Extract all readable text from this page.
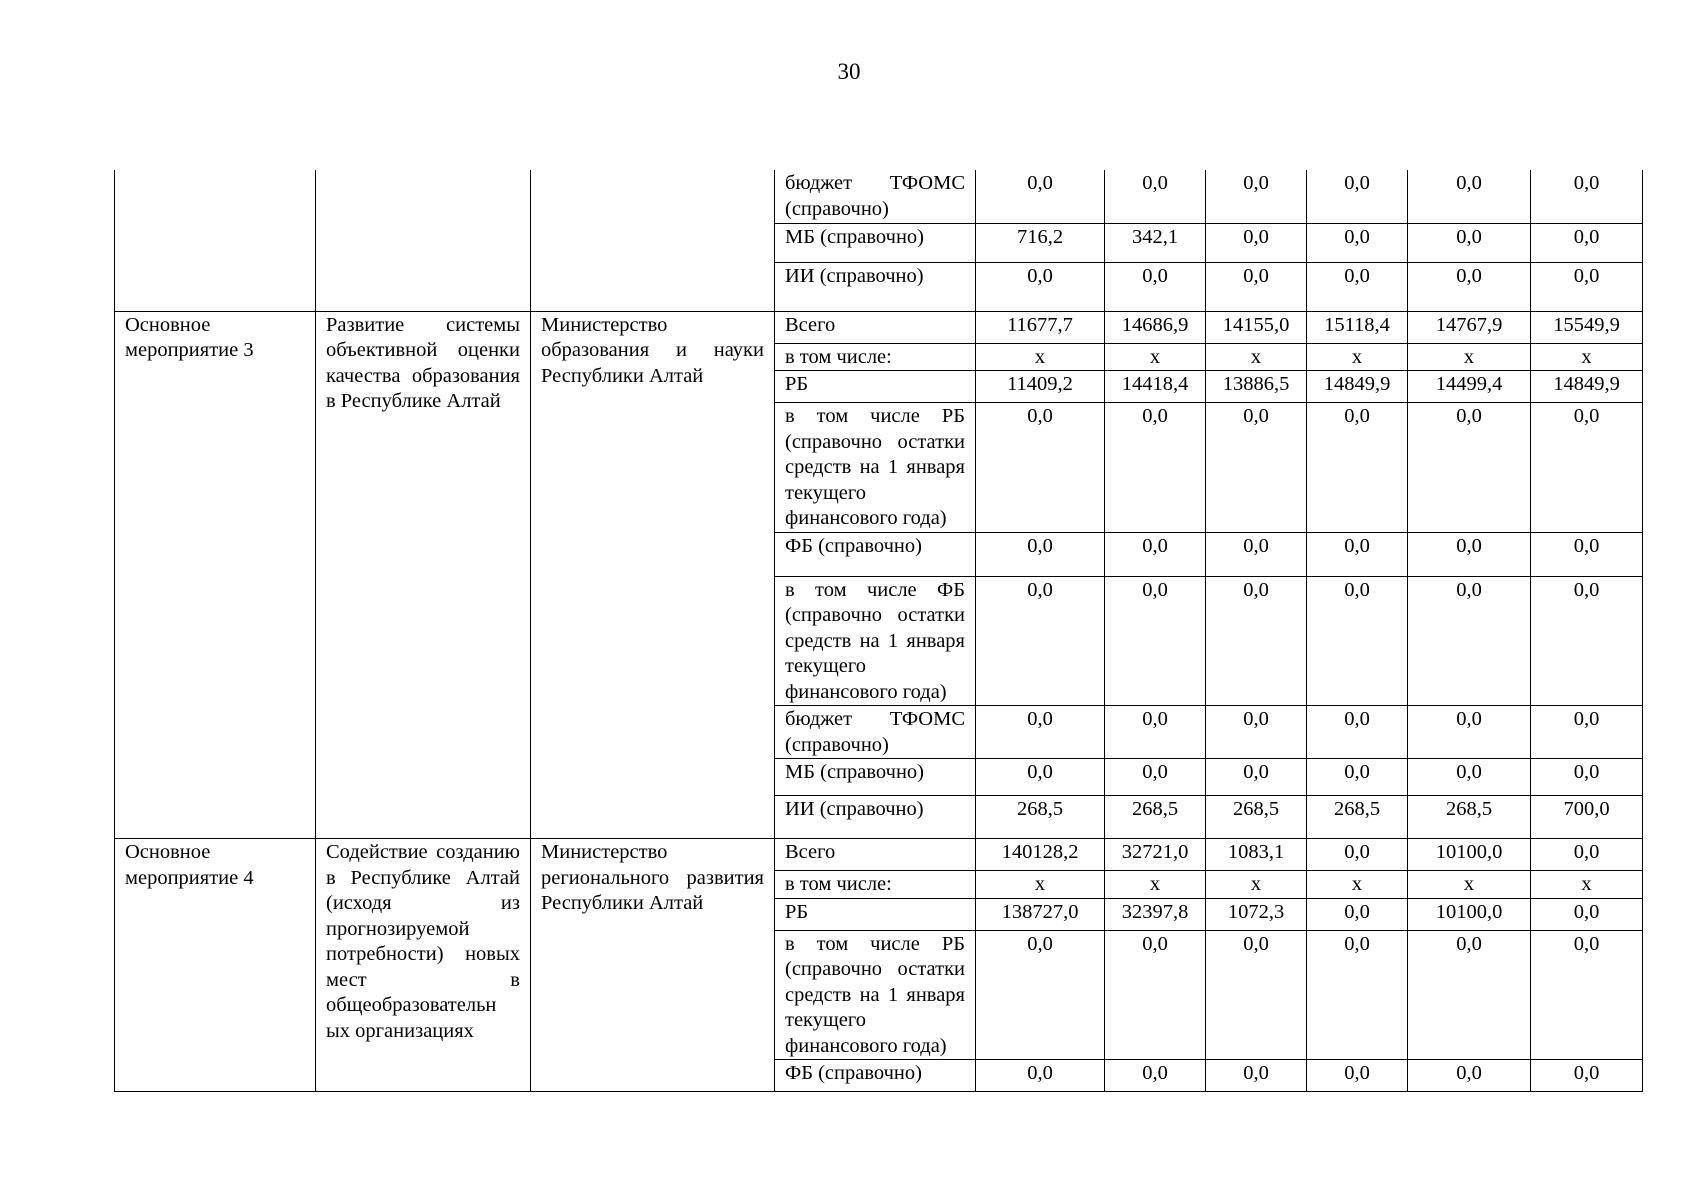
30
			бюджет ТФОМС (справочно)	0,0	0,0	0,0	0,0	0,0	0,0
			МБ (справочно)	716,2	342,1	0,0	0,0	0,0	0,0
			ИИ (справочно)	0,0	0,0	0,0	0,0	0,0	0,0
Основное мероприятие 3	Развитие системы объективной оценки качества образования в Республике Алтай	Министерство образования и науки Республики Алтай	Всего	11677,7	14686,9	14155,0	15118,4	14767,9	15549,9
			в том числе:	x	x	x	x	x	x
			РБ	11409,2	14418,4	13886,5	14849,9	14499,4	14849,9
			в том числе РБ (справочно остатки средств на 1 января текущего финансового года)	0,0	0,0	0,0	0,0	0,0	0,0
			ФБ (справочно)	0,0	0,0	0,0	0,0	0,0	0,0
			в том числе ФБ (справочно остатки средств на 1 января текущего финансового года)	0,0	0,0	0,0	0,0	0,0	0,0
			бюджет ТФОМС (справочно)	0,0	0,0	0,0	0,0	0,0	0,0
			МБ (справочно)	0,0	0,0	0,0	0,0	0,0	0,0
			ИИ (справочно)	268,5	268,5	268,5	268,5	268,5	700,0
Основное мероприятие 4	Содействие созданию в Республике Алтай (исходя из прогнозируемой потребности) новых мест в общеобразовательн ых организациях	Министерство регионального развития Республики Алтай	Всего	140128,2	32721,0	1083,1	0,0	10100,0	0,0
			в том числе:	x	x	x	x	x	x
			РБ	138727,0	32397,8	1072,3	0,0	10100,0	0,0
			в том числе РБ (справочно остатки средств на 1 января текущего финансового года)	0,0	0,0	0,0	0,0	0,0	0,0
			ФБ (справочно)	0,0	0,0	0,0	0,0	0,0	0,0
